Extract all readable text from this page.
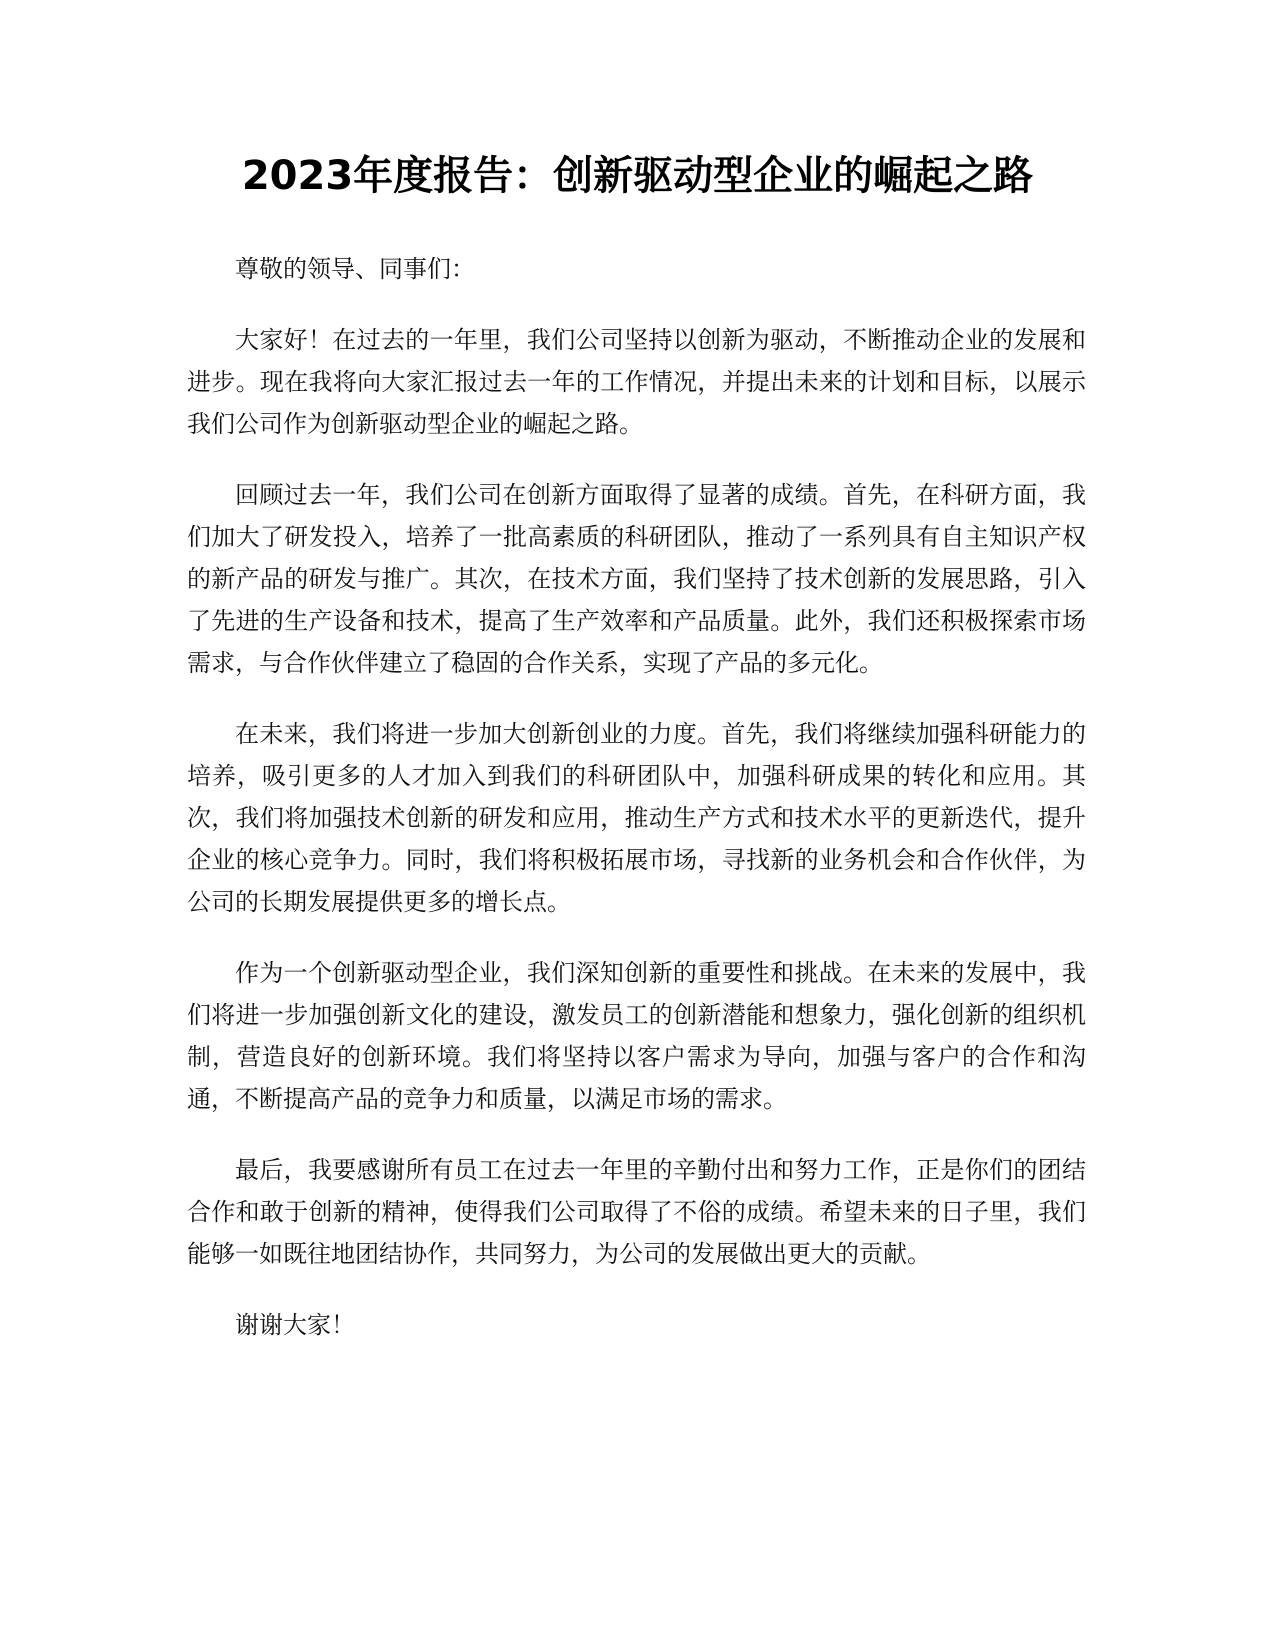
2023年度报告：创新驱动型企业的崛起之路

尊敬的领导、同事们：

大家好！在过去的一年里，我们公司坚持以创新为驱动，不断推动企业的发展和进步。现在我将向大家汇报过去一年的工作情况，并提出未来的计划和目标，以展示我们公司作为创新驱动型企业的崛起之路。

回顾过去一年，我们公司在创新方面取得了显著的成绩。首先，在科研方面，我们加大了研发投入，培养了一批高素质的科研团队，推动了一系列具有自主知识产权的新产品的研发与推广。其次，在技术方面，我们坚持了技术创新的发展思路，引入了先进的生产设备和技术，提高了生产效率和产品质量。此外，我们还积极探索市场需求，与合作伙伴建立了稳固的合作关系，实现了产品的多元化。

在未来，我们将进一步加大创新创业的力度。首先，我们将继续加强科研能力的培养，吸引更多的人才加入到我们的科研团队中，加强科研成果的转化和应用。其次，我们将加强技术创新的研发和应用，推动生产方式和技术水平的更新迭代，提升企业的核心竞争力。同时，我们将积极拓展市场，寻找新的业务机会和合作伙伴，为公司的长期发展提供更多的增长点。

作为一个创新驱动型企业，我们深知创新的重要性和挑战。在未来的发展中，我们将进一步加强创新文化的建设，激发员工的创新潜能和想象力，强化创新的组织机制，营造良好的创新环境。我们将坚持以客户需求为导向，加强与客户的合作和沟通，不断提高产品的竞争力和质量，以满足市场的需求。

最后，我要感谢所有员工在过去一年里的辛勤付出和努力工作，正是你们的团结合作和敢于创新的精神，使得我们公司取得了不俗的成绩。希望未来的日子里，我们能够一如既往地团结协作，共同努力，为公司的发展做出更大的贡献。

谢谢大家！
